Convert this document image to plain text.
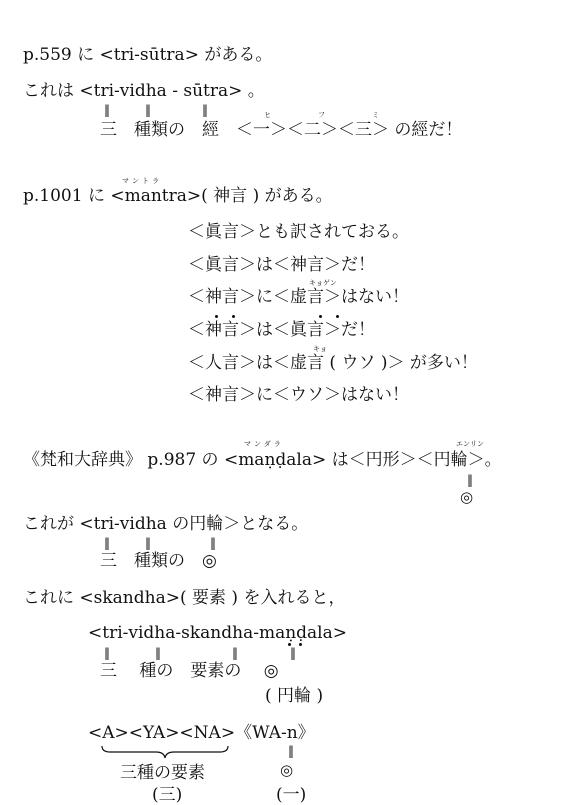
p.559 に <tri-sūtra> がある。
これは <tri-vidha - sūtra> 。
‖	‖	‖	ヒ	フ	ミ
三　種類の　經　＜一＞＜二＞＜三＞ の經だ！
マントラ
p.1001 に <mantra>( 神言 ) がある。
＜眞言＞とも訳されておる。
＜眞言＞は＜神言＞だ！
キョゲン
＜神言＞に＜虚言＞はない！
＜神言＞は＜眞言＞だ！
キョ
＜人言＞は＜虚言 ( ウソ )＞ が多い！
＜神言＞に＜ウソ＞はない！
マンダラ	エンリン
《梵和大辞典》 p.987 の <maṇḍala> は＜円形＞＜円輪＞。
‖
◎
これが <tri-vidha の円輪＞となる。
‖	‖	‖
三　種類の　◎
これに <skandha>( 要素 ) を入れると，
<tri-vidha-skandha-maṇḍala>
‖	‖	‖	‖
三　 種の　要素の　 ◎
( 円輪 )
<A><YA><NA>《WA-n》
‖
◎
三種の要素
(三)	(一)
